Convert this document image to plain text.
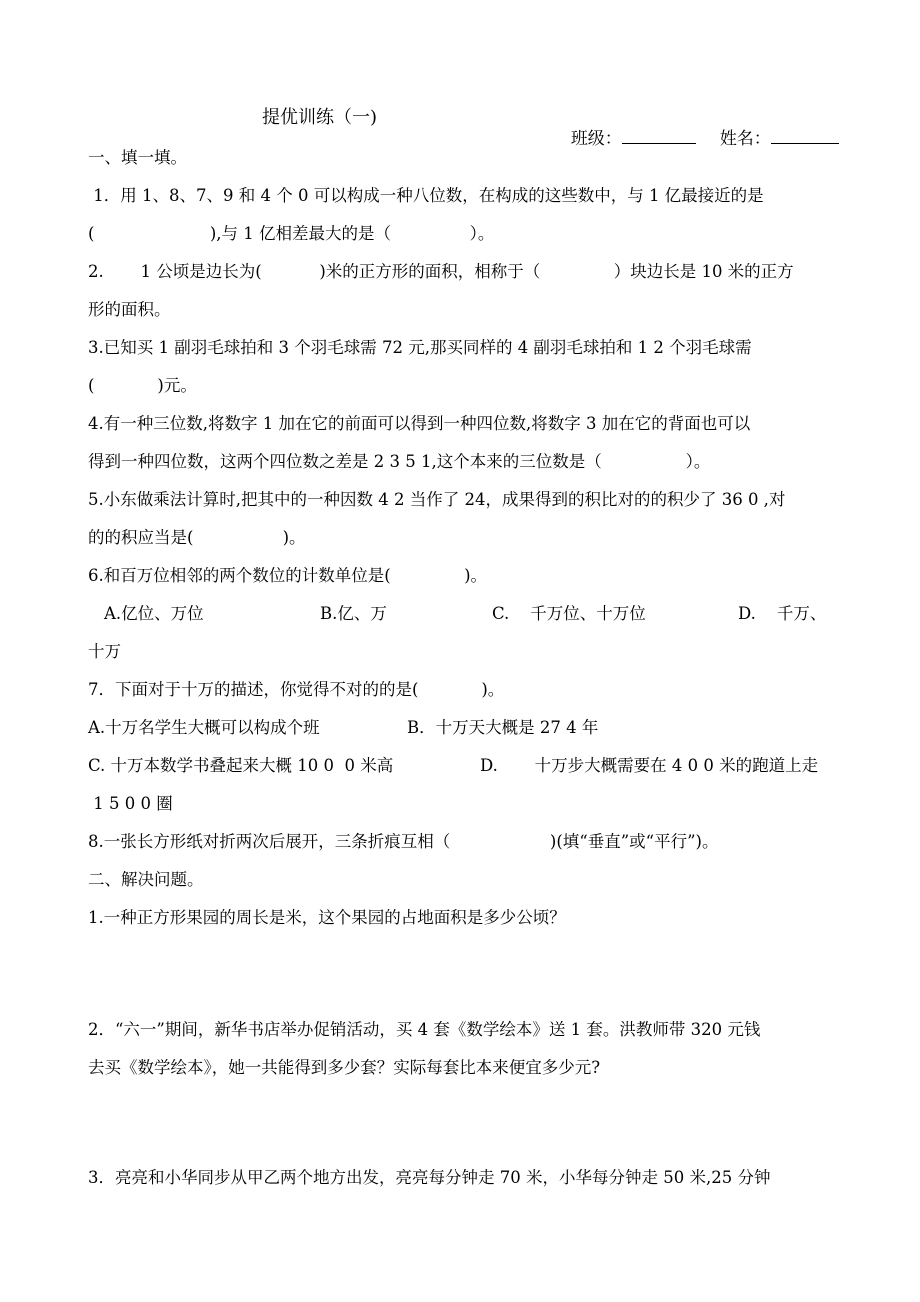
提优训练（一)

班级：	姓名：

一、填一填。
1．用 1、8、7、9 和 4 个 0 可以构成一种八位数，在构成的这些数中，与 1 亿最接近的是
(                      ),与 1 亿相差最大的是（               ）。
2.       1 公顷是边长为(           )米的正方形的面积，相称于（              ）块边长是 10 米的正方
形的面积。
3.已知买 1 副羽毛球拍和 3 个羽毛球需 72 元,那买同样的 4 副羽毛球拍和 1 2 个羽毛球需
(            )元。
4.有一种三位数,将数字 1 加在它的前面可以得到一种四位数,将数字 3 加在它的背面也可以
得到一种四位数，这两个四位数之差是 2 3 5 1,这个本来的三位数是（                ）。
5.小东做乘法计算时,把其中的一种因数 4 2 当作了 24，成果得到的积比对的的积少了 36 0 ,对
的的积应当是(                 )。
6.和百万位相邻的两个数位的计数单位是(              )。
A.亿位、万位	B.亿、万	C.    千万位、十万位	D.    千万、
十万
7．下面对于十万的描述，你觉得不对的的是(            )。
A.十万名学生大概可以构成个班	B．十万天大概是 27 4 年
C. 十万本数学书叠起来大概 10 0  0 米高	D.       十万步大概需要在 4 0 0 米的跑道上走
1 5 0 0 圈
8.一张长方形纸对折两次后展开，三条折痕互相（                   )(填“垂直”或“平行”)。
二、解决问题。
1.一种正方形果园的周长是米，这个果园的占地面积是多少公顷？
2．“六一”期间，新华书店举办促销活动，买 4 套《数学绘本》送 1 套。洪教师带 320 元钱
去买《数学绘本》，她一共能得到多少套？实际每套比本来便宜多少元?
3．亮亮和小华同步从甲乙两个地方出发，亮亮每分钟走 70 米，小华每分钟走 50 米,25 分钟
